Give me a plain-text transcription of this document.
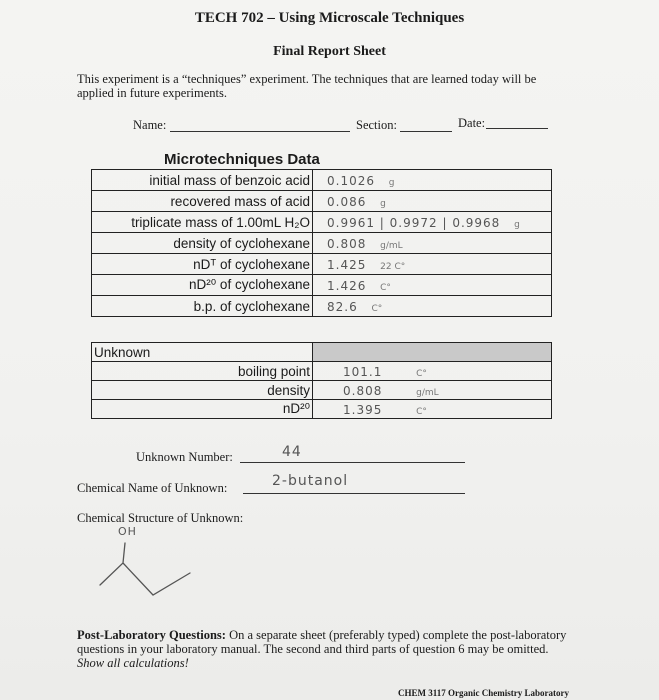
TECH 702 – Using Microscale Techniques
Final Report Sheet
This experiment is a “techniques” experiment. The techniques that are learned today will be applied in future experiments.
Name:	Section:	Date:
Microtechniques Data
initial mass of benzoic acid	0.1026 g
recovered mass of acid	0.086 g
triplicate mass of 1.00mL H₂O	0.9961 | 0.9972 | 0.9968 g
density of cyclohexane	0.808 g/mL
nDᵀ of cyclohexane	1.425 22 C°
nD²⁰ of cyclohexane	1.426 C°
b.p. of cyclohexane	82.6 C°
Unknown	
boiling point	101.1 C°
density	0.808 g/mL
nD²⁰	1.395 C°
Unknown Number:	44
Chemical Name of Unknown:	2-butanol
Chemical Structure of Unknown:
OH
Post-Laboratory Questions: On a separate sheet (preferably typed) complete the post-laboratory questions in your laboratory manual. The second and third parts of question 6 may be omitted. Show all calculations!
CHEM 3117 Organic Chemistry Laboratory
